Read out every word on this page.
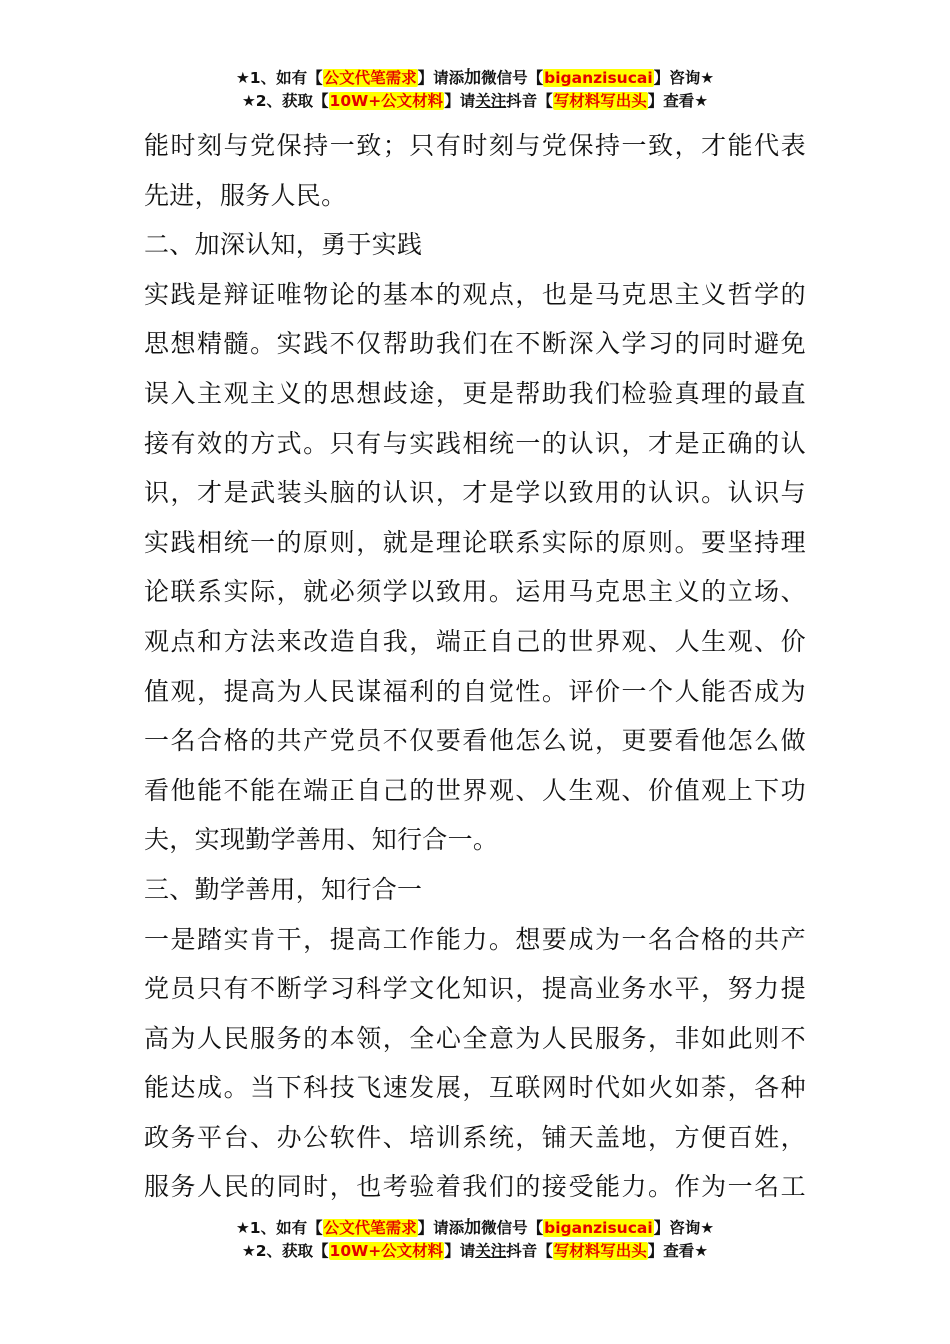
★1、如有【公文代笔需求】请添加微信号【biganzisucai】咨询★
★2、获取【10W+公文材料】请关注抖音【写材料写出头】查看★
能时刻与党保持一致；只有时刻与党保持一致，才能代表
先进，服务人民。
二、加深认知，勇于实践
实践是辩证唯物论的基本的观点，也是马克思主义哲学的
思想精髓。实践不仅帮助我们在不断深入学习的同时避免
误入主观主义的思想歧途，更是帮助我们检验真理的最直
接有效的方式。只有与实践相统一的认识，才是正确的认
识，才是武装头脑的认识，才是学以致用的认识。认识与
实践相统一的原则，就是理论联系实际的原则。要坚持理
论联系实际，就必须学以致用。运用马克思主义的立场、
观点和方法来改造自我，端正自己的世界观、人生观、价
值观，提高为人民谋福利的自觉性。评价一个人能否成为
一名合格的共产党员不仅要看他怎么说，更要看他怎么做
看他能不能在端正自己的世界观、人生观、价值观上下功
夫，实现勤学善用、知行合一。
三、勤学善用，知行合一
一是踏实肯干，提高工作能力。想要成为一名合格的共产
党员只有不断学习科学文化知识，提高业务水平，努力提
高为人民服务的本领，全心全意为人民服务，非如此则不
能达成。当下科技飞速发展，互联网时代如火如荼，各种
政务平台、办公软件、培训系统，铺天盖地，方便百姓，
服务人民的同时，也考验着我们的接受能力。作为一名工
★1、如有【公文代笔需求】请添加微信号【biganzisucai】咨询★
★2、获取【10W+公文材料】请关注抖音【写材料写出头】查看★
